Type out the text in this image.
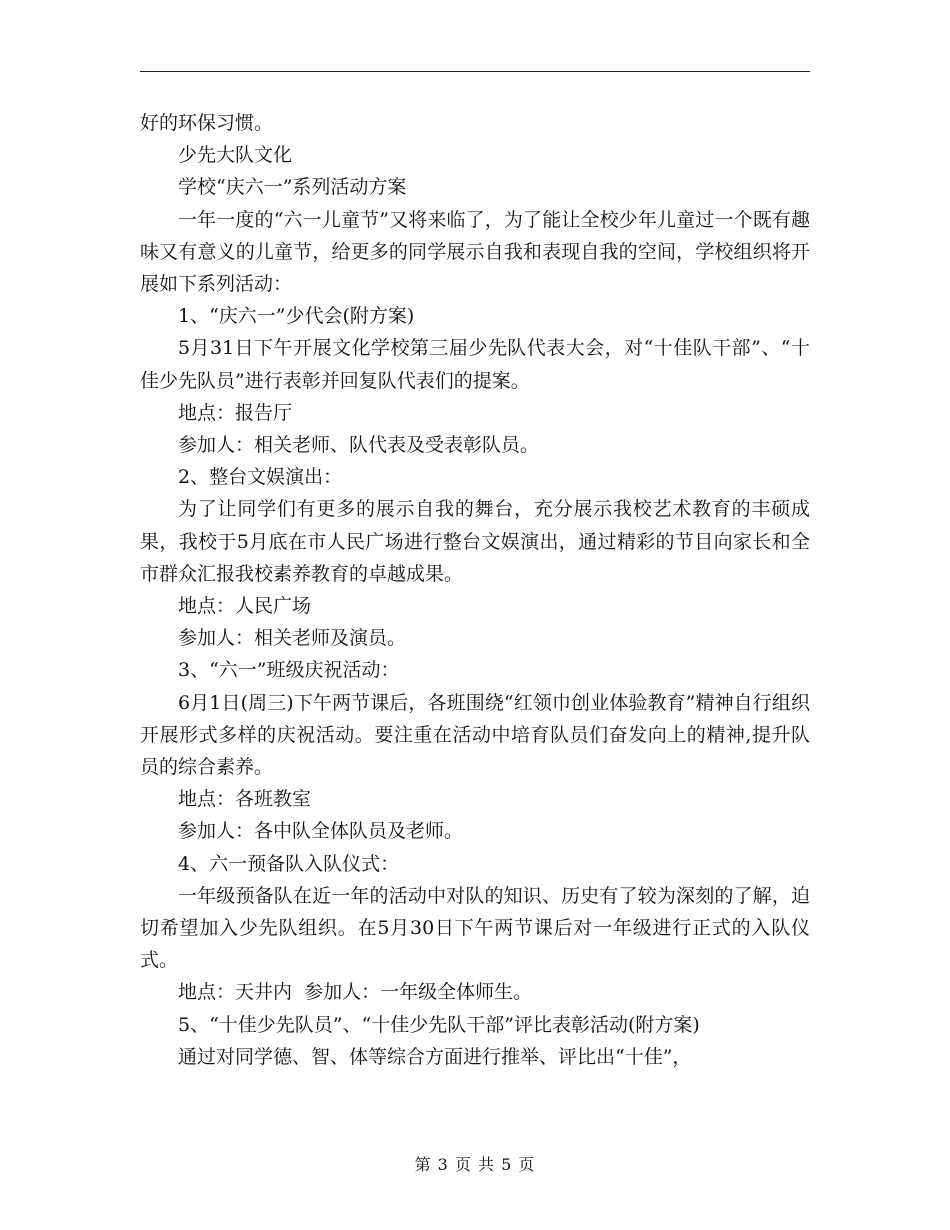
好的环保习惯。

少先大队文化

学校“庆六一”系列活动方案

一年一度的“六一儿童节”又将来临了，为了能让全校少年儿童过一个既有趣味又有意义的儿童节，给更多的同学展示自我和表现自我的空间，学校组织将开展如下系列活动：

1、“庆六一”少代会(附方案)

5月31日下午开展文化学校第三届少先队代表大会，对“十佳队干部”、“十佳少先队员”进行表彰并回复队代表们的提案。

地点：报告厅

参加人：相关老师、队代表及受表彰队员。

2、整台文娱演出：

为了让同学们有更多的展示自我的舞台，充分展示我校艺术教育的丰硕成果，我校于5月底在市人民广场进行整台文娱演出，通过精彩的节目向家长和全市群众汇报我校素养教育的卓越成果。

地点：人民广场

参加人：相关老师及演员。

3、“六一”班级庆祝活动：

6月1日(周三)下午两节课后，各班围绕“红领巾创业体验教育”精神自行组织开展形式多样的庆祝活动。要注重在活动中培育队员们奋发向上的精神,提升队员的综合素养。

地点：各班教室

参加人：各中队全体队员及老师。

4、六一预备队入队仪式：

一年级预备队在近一年的活动中对队的知识、历史有了较为深刻的了解，迫切希望加入少先队组织。在5月30日下午两节课后对一年级进行正式的入队仪式。

地点：天井内  参加人：一年级全体师生。

5、“十佳少先队员”、“十佳少先队干部”评比表彰活动(附方案)

通过对同学德、智、体等综合方面进行推举、评比出“十佳”，

第 3 页 共 5 页
